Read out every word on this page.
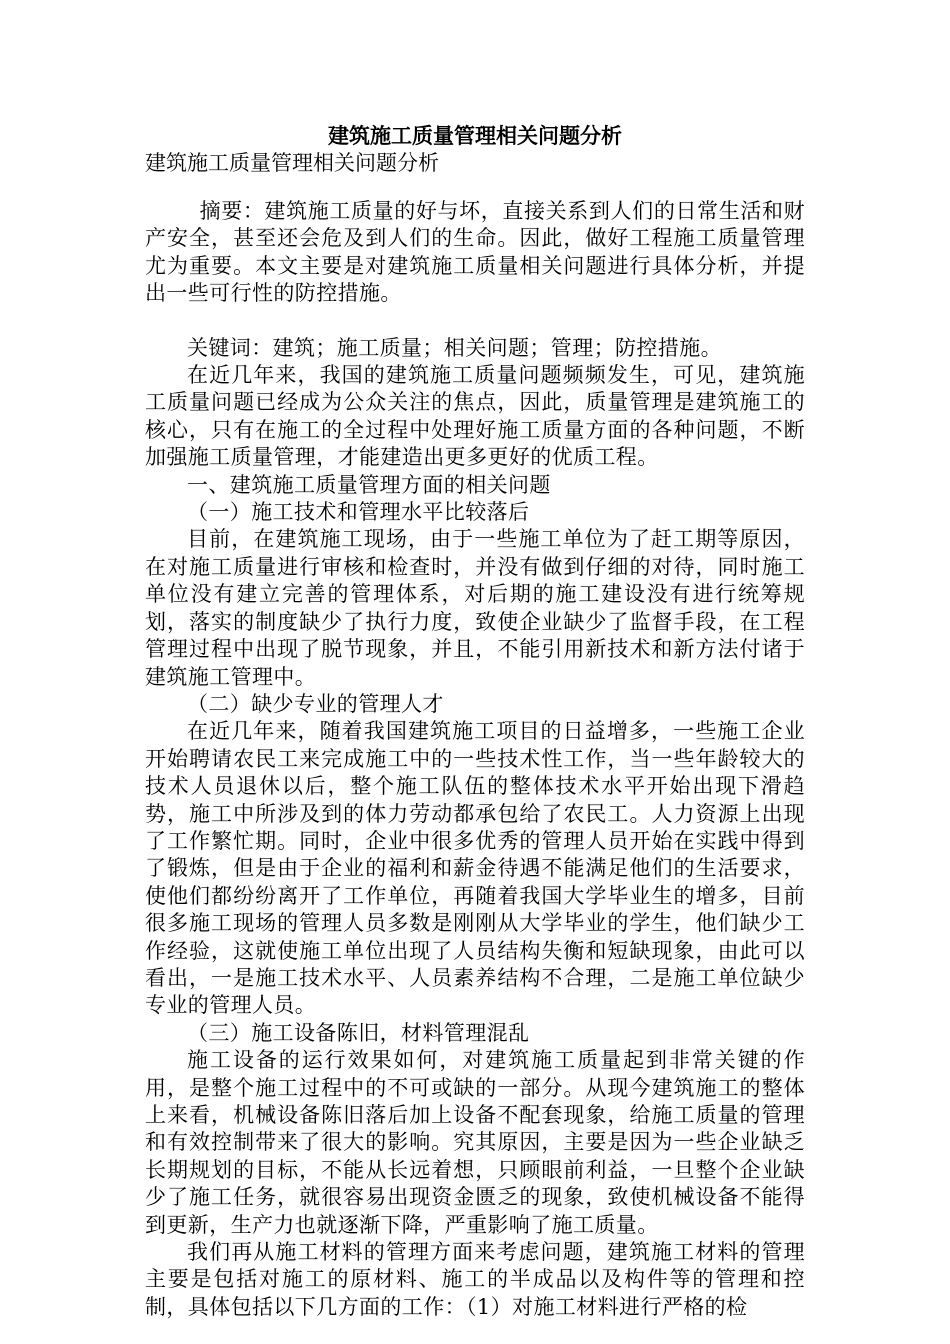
建筑施工质量管理相关问题分析
建筑施工质量管理相关问题分析

摘要：建筑施工质量的好与坏，直接关系到人们的日常生活和财产安全，甚至还会危及到人们的生命。因此，做好工程施工质量管理尤为重要。本文主要是对建筑施工质量相关问题进行具体分析，并提出一些可行性的防控措施。

关键词：建筑；施工质量；相关问题；管理；防控措施。

在近几年来，我国的建筑施工质量问题频频发生，可见，建筑施工质量问题已经成为公众关注的焦点，因此，质量管理是建筑施工的核心，只有在施工的全过程中处理好施工质量方面的各种问题，不断加强施工质量管理，才能建造出更多更好的优质工程。

一、建筑施工质量管理方面的相关问题

（一）施工技术和管理水平比较落后

目前，在建筑施工现场，由于一些施工单位为了赶工期等原因，在对施工质量进行审核和检查时，并没有做到仔细的对待，同时施工单位没有建立完善的管理体系，对后期的施工建设没有进行统筹规划，落实的制度缺少了执行力度，致使企业缺少了监督手段，在工程管理过程中出现了脱节现象，并且，不能引用新技术和新方法付诸于建筑施工管理中。

（二）缺少专业的管理人才

在近几年来，随着我国建筑施工项目的日益增多，一些施工企业开始聘请农民工来完成施工中的一些技术性工作，当一些年龄较大的技术人员退休以后，整个施工队伍的整体技术水平开始出现下滑趋势，施工中所涉及到的体力劳动都承包给了农民工。人力资源上出现了工作繁忙期。同时，企业中很多优秀的管理人员开始在实践中得到了锻炼，但是由于企业的福利和薪金待遇不能满足他们的生活要求，使他们都纷纷离开了工作单位，再随着我国大学毕业生的增多，目前很多施工现场的管理人员多数是刚刚从大学毕业的学生，他们缺少工作经验，这就使施工单位出现了人员结构失衡和短缺现象，由此可以看出，一是施工技术水平、人员素养结构不合理，二是施工单位缺少专业的管理人员。

（三）施工设备陈旧，材料管理混乱

施工设备的运行效果如何，对建筑施工质量起到非常关键的作用，是整个施工过程中的不可或缺的一部分。从现今建筑施工的整体上来看，机械设备陈旧落后加上设备不配套现象，给施工质量的管理和有效控制带来了很大的影响。究其原因，主要是因为一些企业缺乏长期规划的目标，不能从长远着想，只顾眼前利益，一旦整个企业缺少了施工任务，就很容易出现资金匮乏的现象，致使机械设备不能得到更新，生产力也就逐渐下降，严重影响了施工质量。

我们再从施工材料的管理方面来考虑问题，建筑施工材料的管理主要是包括对施工的原材料、施工的半成品以及构件等的管理和控制，具体包括以下几方面的工作：（1）对施工材料进行严格的检
